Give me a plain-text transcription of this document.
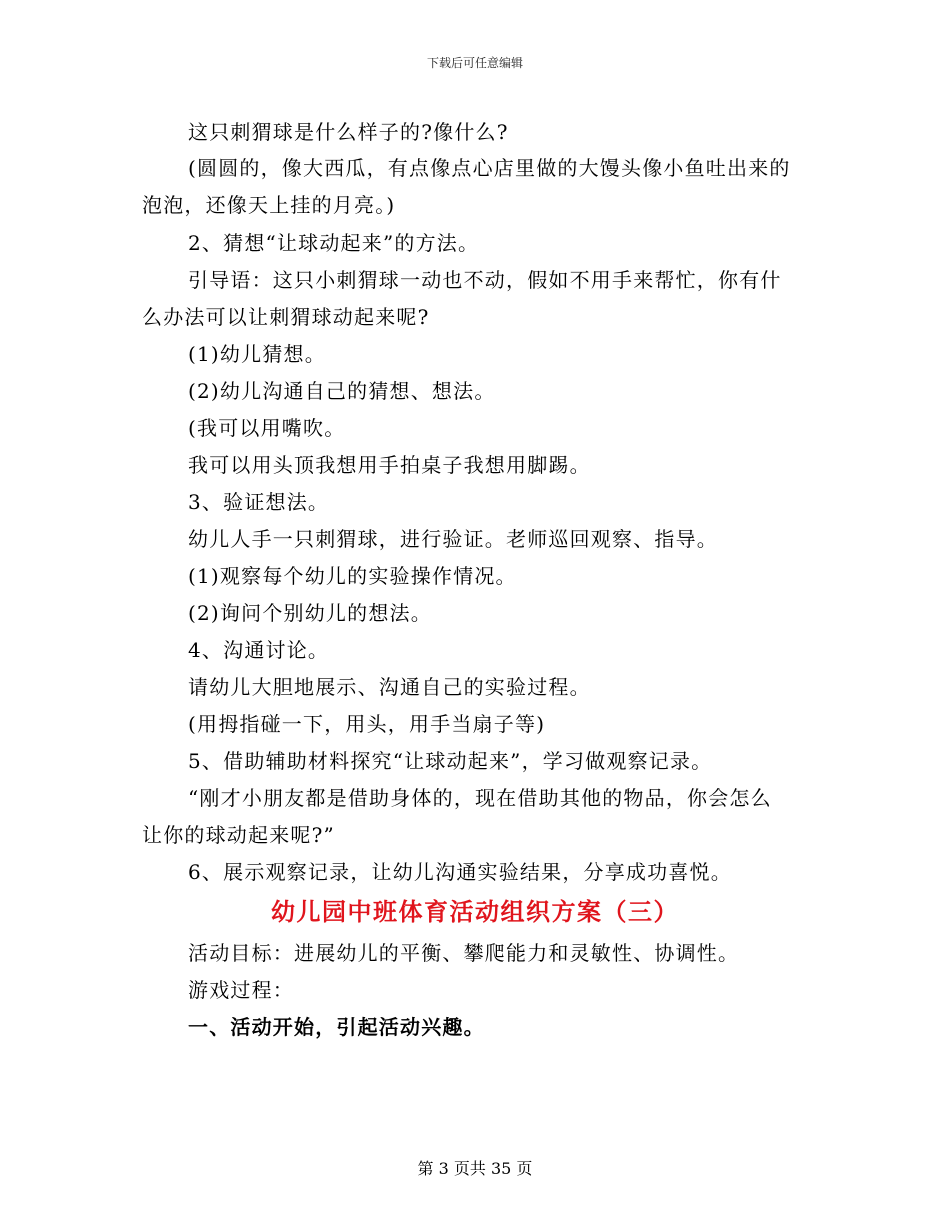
下载后可任意编辑
这只刺猬球是什么样子的?像什么?
(圆圆的，像大西瓜，有点像点心店里做的大馒头像小鱼吐出来的
泡泡，还像天上挂的月亮。)
2、猜想“让球动起来”的方法。
引导语：这只小刺猬球一动也不动，假如不用手来帮忙，你有什
么办法可以让刺猬球动起来呢?
(1)幼儿猜想。
(2)幼儿沟通自己的猜想、想法。
(我可以用嘴吹。
我可以用头顶我想用手拍桌子我想用脚踢。
3、验证想法。
幼儿人手一只刺猬球，进行验证。老师巡回观察、指导。
(1)观察每个幼儿的实验操作情况。
(2)询问个别幼儿的想法。
4、沟通讨论。
请幼儿大胆地展示、沟通自己的实验过程。
(用拇指碰一下，用头，用手当扇子等)
5、借助辅助材料探究“让球动起来”，学习做观察记录。
“刚才小朋友都是借助身体的，现在借助其他的物品，你会怎么
让你的球动起来呢?”
6、展示观察记录，让幼儿沟通实验结果，分享成功喜悦。
幼儿园中班体育活动组织方案（三）
活动目标：进展幼儿的平衡、攀爬能力和灵敏性、协调性。
游戏过程：
一、活动开始，引起活动兴趣。
第 3 页共 35 页
